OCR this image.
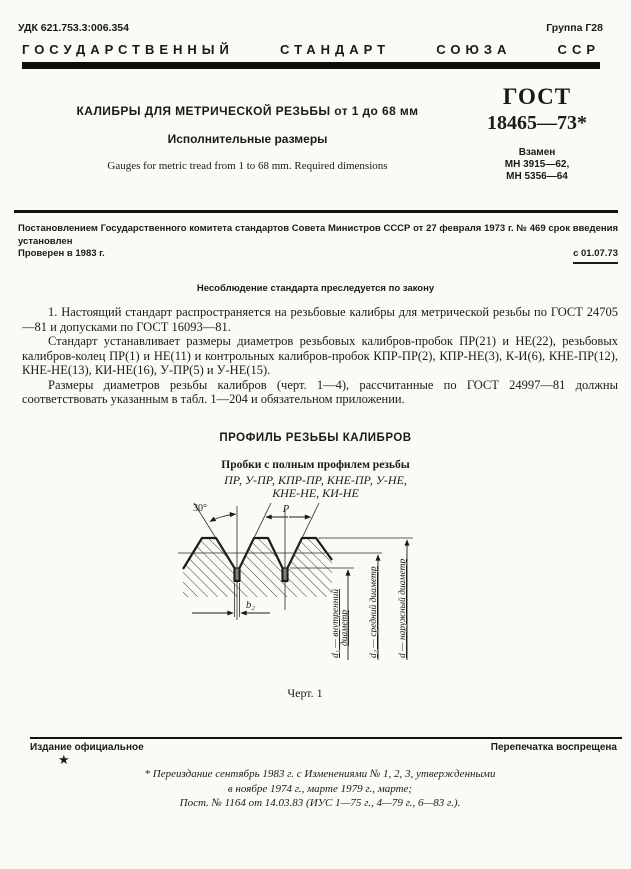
УДК 621.753.3:006.354	Группа Г28
ГОСУДАРСТВЕННЫЙ СТАНДАРТ СОЮЗА ССР
КАЛИБРЫ ДЛЯ МЕТРИЧЕСКОЙ РЕЗЬБЫ от 1 до 68 мм
Исполнительные размеры
Gauges for metric tread from 1 to 68 mm. Required dimensions
ГОСТ
18465—73*
Взамен
МН 3915—62,
МН 5356—64

Постановлением Государственного комитета стандартов Совета Министров СССР от 27 февраля 1973 г. № 469 срок введения установлен

Проверен в 1983 г.	с 01.07.73
Несоблюдение стандарта преследуется по закону

1. Настоящий стандарт распространяется на резьбовые калибры для метрической резьбы по ГОСТ 24705—81 и допусками по ГОСТ 16093—81.

Стандарт устанавливает размеры диаметров резьбовых калибров-пробок ПР(21) и НЕ(22), резьбовых калибров-колец ПР(1) и НЕ(11) и контрольных калибров-пробок КПР-ПР(2), КПР-НЕ(3), К-И(6), КНЕ-ПР(12), КНЕ-НЕ(13), КИ-НЕ(16), У-ПР(5) и У-НЕ(15).

Размеры диаметров резьбы калибров (черт. 1—4), рассчитанные по ГОСТ 24997—81 должны соответствовать указанным в табл. 1—204 и обязательном приложении.

ПРОФИЛЬ РЕЗЬБЫ КАЛИБРОВ
Пробки с полным профилем резьбы
ПР, У-ПР, КПР-ПР, КНЕ-ПР, У-НЕ,
КНЕ-НЕ, КИ-НЕ
30°	P
b₂	d₁ — внутренний диаметр d₂ — средний диаметр d — наружный диаметр
Черт. 1
Издание официальное	Перепечатка воспрещена
★
* Переиздание сентябрь 1983 г. с Изменениями № 1, 2, 3, утвержденными
в ноябре 1974 г., марте 1979 г., марте;
Пост. № 1164 от 14.03.83 (ИУС 1—75 г., 4—79 г., 6—83 г.).
